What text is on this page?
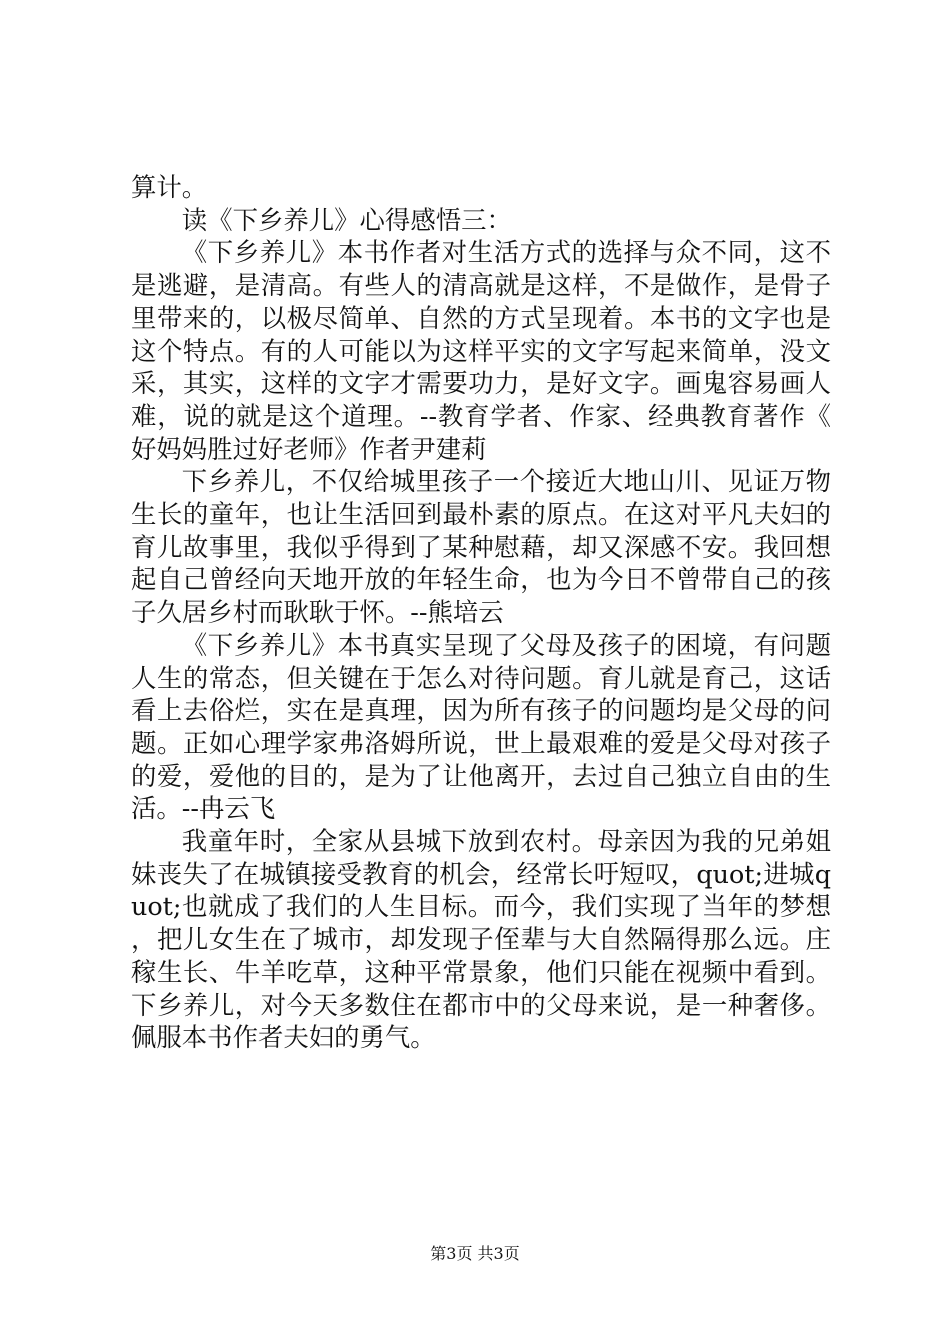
算计。

读《下乡养儿》心得感悟三：

《下乡养儿》本书作者对生活方式的选择与众不同，这不是逃避，是清高。有些人的清高就是这样，不是做作，是骨子里带来的，以极尽简单、自然的方式呈现着。本书的文字也是这个特点。有的人可能以为这样平实的文字写起来简单，没文采，其实，这样的文字才需要功力，是好文字。画鬼容易画人难，说的就是这个道理。--教育学者、作家、经典教育著作《好妈妈胜过好老师》作者尹建莉

下乡养儿，不仅给城里孩子一个接近大地山川、见证万物生长的童年，也让生活回到最朴素的原点。在这对平凡夫妇的育儿故事里，我似乎得到了某种慰藉，却又深感不安。我回想起自己曾经向天地开放的年轻生命，也为今日不曾带自己的孩子久居乡村而耿耿于怀。--熊培云

《下乡养儿》本书真实呈现了父母及孩子的困境，有问题人生的常态，但关键在于怎么对待问题。育儿就是育己，这话看上去俗烂，实在是真理，因为所有孩子的问题均是父母的问题。正如心理学家弗洛姆所说，世上最艰难的爱是父母对孩子的爱，爱他的目的，是为了让他离开，去过自己独立自由的生活。--冉云飞

我童年时，全家从县城下放到农村。母亲因为我的兄弟姐妹丧失了在城镇接受教育的机会，经常长吁短叹，quot;进城quot;也就成了我们的人生目标。而今，我们实现了当年的梦想，把儿女生在了城市，却发现子侄辈与大自然隔得那么远。庄稼生长、牛羊吃草，这种平常景象，他们只能在视频中看到。下乡养儿，对今天多数住在都市中的父母来说，是一种奢侈。佩服本书作者夫妇的勇气。

第3页 共3页
